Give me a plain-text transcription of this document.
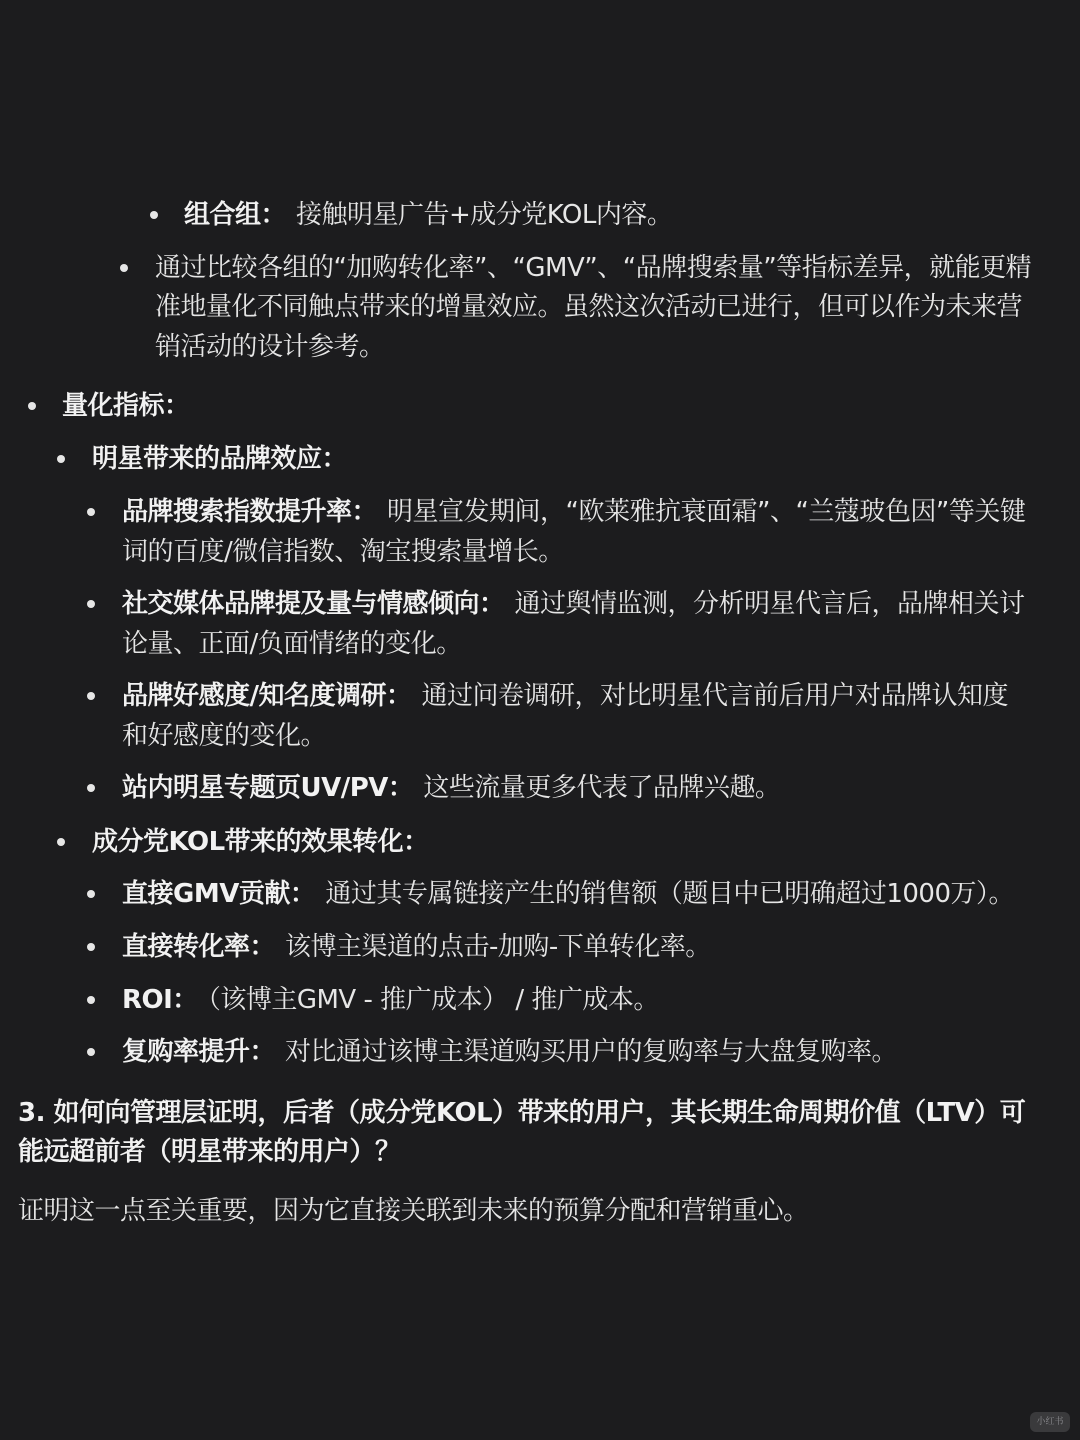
组合组： 接触明星广告+成分党KOL内容。
通过比较各组的“加购转化率”、“GMV”、“品牌搜索量”等指标差异，就能更精
准地量化不同触点带来的增量效应。虽然这次活动已进行，但可以作为未来营
销活动的设计参考。
量化指标：
明星带来的品牌效应：
品牌搜索指数提升率： 明星宣发期间，“欧莱雅抗衰面霜”、“兰蔻玻色因”等关键
词的百度/微信指数、淘宝搜索量增长。
社交媒体品牌提及量与情感倾向： 通过舆情监测，分析明星代言后，品牌相关讨
论量、正面/负面情绪的变化。
品牌好感度/知名度调研： 通过问卷调研，对比明星代言前后用户对品牌认知度
和好感度的变化。
站内明星专题页UV/PV： 这些流量更多代表了品牌兴趣。
成分党KOL带来的效果转化：
直接GMV贡献： 通过其专属链接产生的销售额（题目中已明确超过1000万）。
直接转化率： 该博主渠道的点击-加购-下单转化率。
ROI： （该博主GMV - 推广成本） / 推广成本。
复购率提升： 对比通过该博主渠道购买用户的复购率与大盘复购率。
3. 如何向管理层证明，后者（成分党KOL）带来的用户，其长期生命周期价值（LTV）可
能远超前者（明星带来的用户）？
证明这一点至关重要，因为它直接关联到未来的预算分配和营销重心。
小红书
